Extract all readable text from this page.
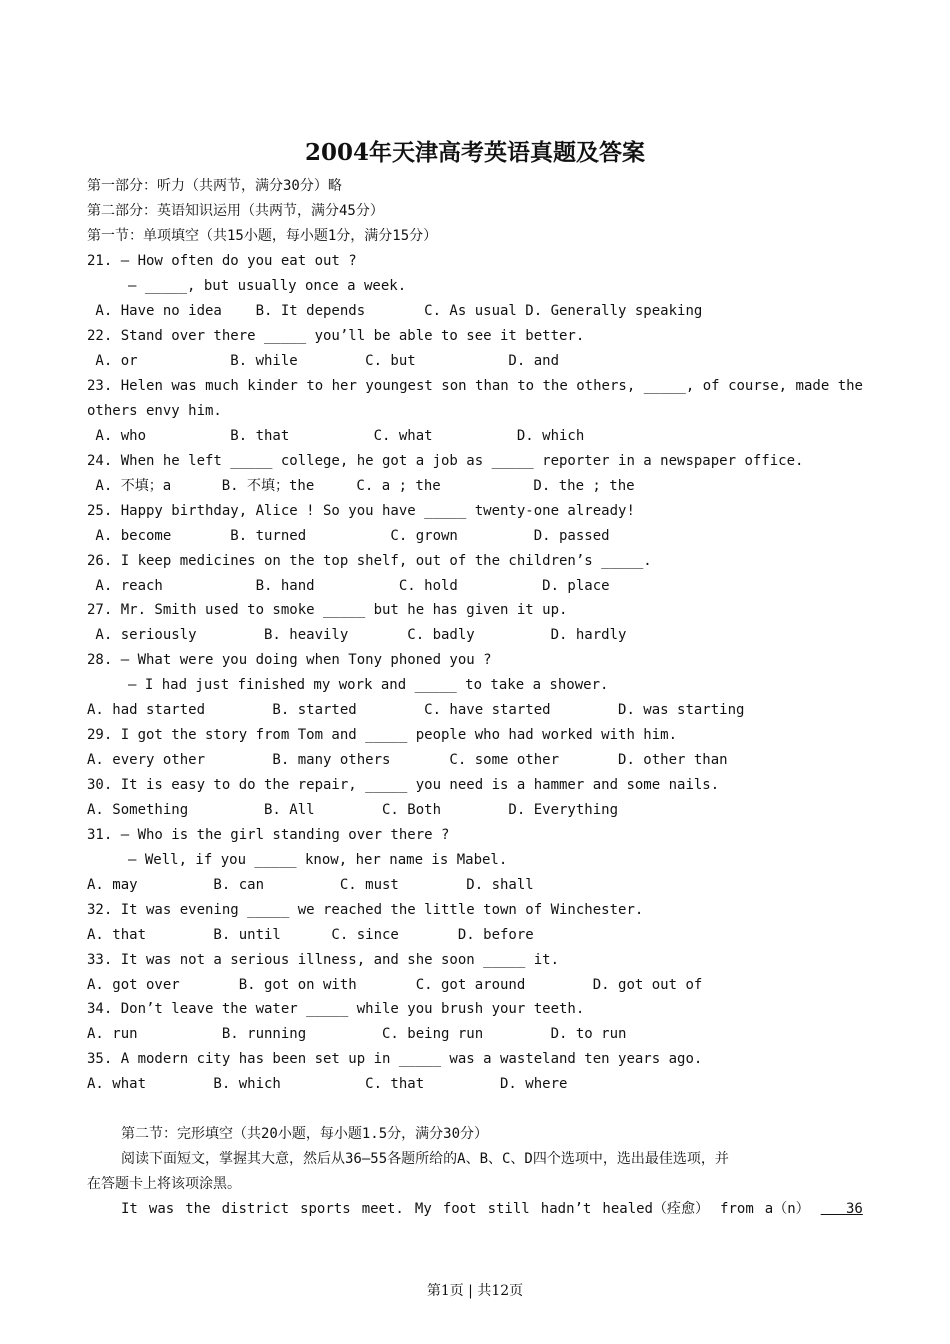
2004年天津高考英语真题及答案
第一部分：听力（共两节，满分30分）略
第二部分：英语知识运用（共两节，满分45分）
第一节：单项填空（共15小题，每小题1分，满分15分）
21. — How often do you eat out ?
— _____, but usually once a week.
A. Have no idea    B. It depends       C. As usual D. Generally speaking
22. Stand over there _____ you’ll be able to see it better.
A. or           B. while        C. but           D. and
23. Helen was much kinder to her youngest son than to the others, _____, of course, made the
others envy him.
A. who          B. that          C. what          D. which
24. When he left _____ college, he got a job as _____ reporter in a newspaper office.
A. 不填；a      B. 不填；the     C. a ; the           D. the ; the
25. Happy birthday, Alice ! So you have _____ twenty-one already!
A. become       B. turned          C. grown         D. passed
26. I keep medicines on the top shelf, out of the children’s _____.
A. reach           B. hand          C. hold          D. place
27. Mr. Smith used to smoke _____ but he has given it up.
A. seriously        B. heavily       C. badly         D. hardly
28. — What were you doing when Tony phoned you ?
— I had just finished my work and _____ to take a shower.
A. had started        B. started        C. have started        D. was starting
29. I got the story from Tom and _____ people who had worked with him.
A. every other        B. many others       C. some other       D. other than
30. It is easy to do the repair, _____ you need is a hammer and some nails.
A. Something         B. All        C. Both        D. Everything
31. — Who is the girl standing over there ?
— Well, if you _____ know, her name is Mabel.
A. may         B. can         C. must        D. shall
32. It was evening _____ we reached the little town of Winchester.
A. that        B. until      C. since       D. before
33. It was not a serious illness, and she soon _____ it.
A. got over       B. got on with       C. got around        D. got out of
34. Don’t leave the water _____ while you brush your teeth.
A. run          B. running         C. being run        D. to run
35. A modern city has been set up in _____ was a wasteland ten years ago.
A. what        B. which          C. that         D. where
第二节：完形填空（共20小题，每小题1.5分，满分30分）
阅读下面短文，掌握其大意，然后从36—55各题所给的A、B、C、D四个选项中，选出最佳选项，并
在答题卡上将该项涂黑。
It was the district sports meet. My foot still hadn’t healed（痊愈） from a（n）	36
第1页 | 共12页
